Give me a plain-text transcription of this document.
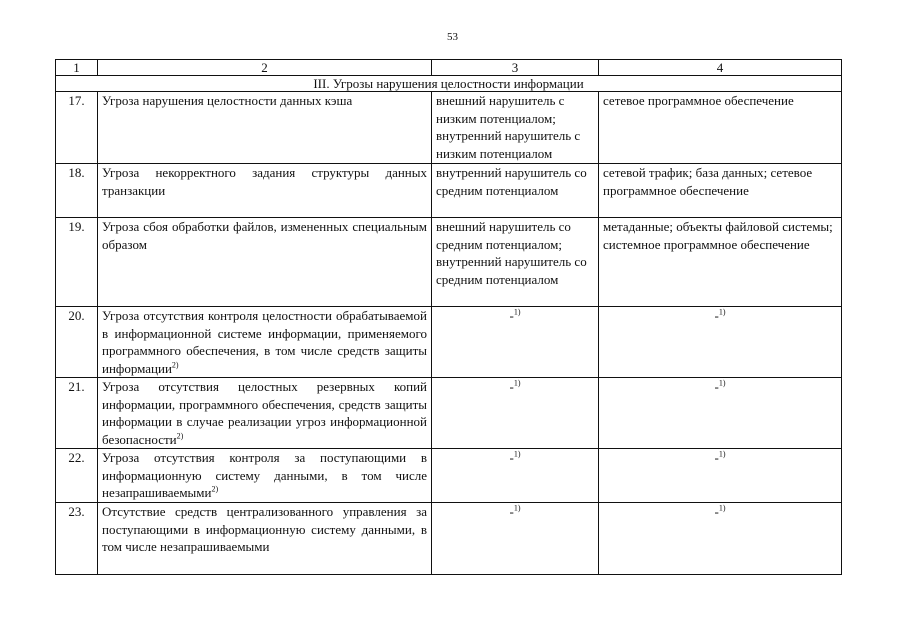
53
1	2	3	4
III. Угрозы нарушения целостности информации			
17.	Угроза нарушения целостности данных кэша	внешний нарушитель с низким потенциалом; внутренний нарушитель с низким потенциалом	сетевое программное обеспечение
18.	Угроза некорректного задания структуры данных транзакции	внутренний нарушитель со средним потенциалом	сетевой трафик; база данных; сетевое программное обеспечение
19.	Угроза сбоя обработки файлов, измененных специальным образом	внешний нарушитель со средним потенциалом; внутренний нарушитель со средним потенциалом	метаданные; объекты файловой системы; системное программное обеспечение
20.	Угроза отсутствия контроля целостности обрабатываемой в информационной системе информации, применяемого программного обеспечения, в том числе средств защиты информации$^{2)}$	-$^{1)}$	-$^{1)}$
21.	Угроза отсутствия целостных резервных копий информации, программного обеспечения, средств защиты информации в случае реализации угроз информационной безопасности$^{2)}$	-$^{1)}$	-$^{1)}$
22.	Угроза отсутствия контроля за поступающими в информационную систему данными, в том числе незапрашиваемыми$^{2)}$	-$^{1)}$	-$^{1)}$
23.	Отсутствие средств централизованного управления за поступающими в информационную систему данными, в том числе незапрашиваемыми	-$^{1)}$	-$^{1)}$
